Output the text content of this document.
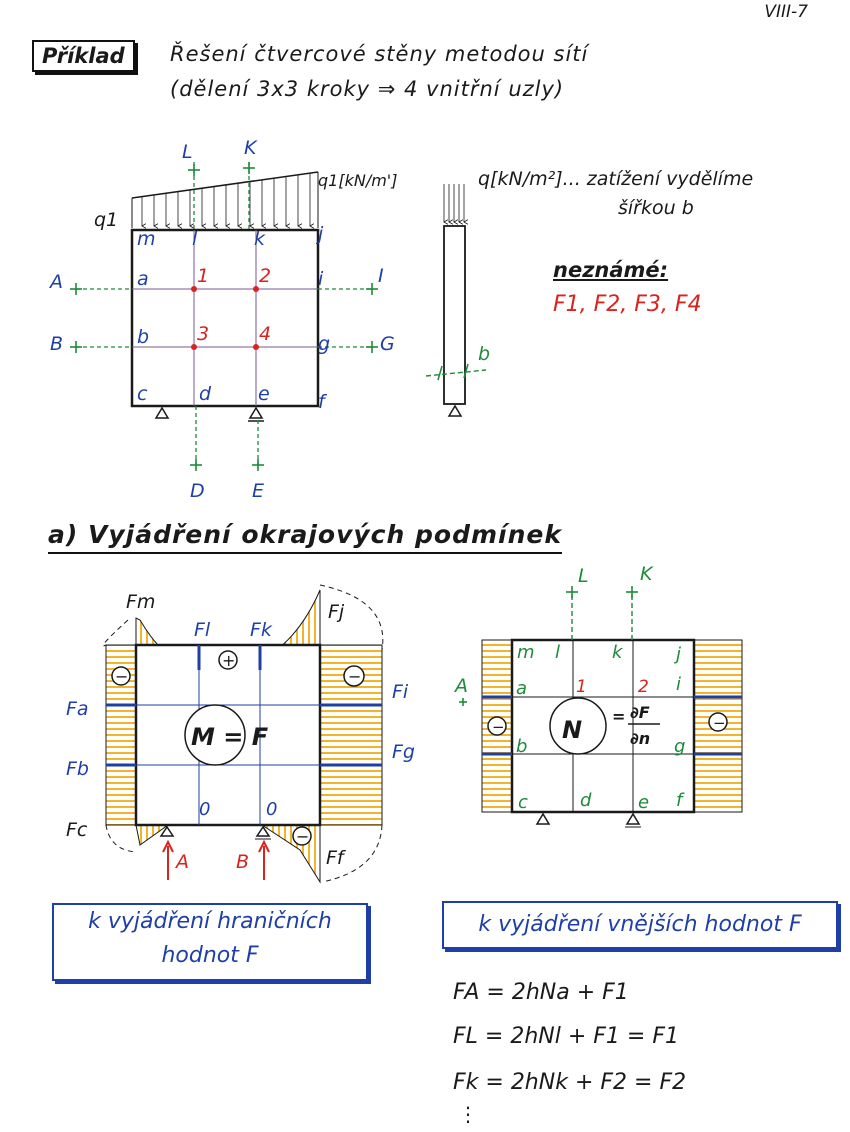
VIII-7
Příklad	Řešení čtvercové stěny metodou sítí
(dělení 3x3 kroky ⇒ 4 vnitřní uzly)
q1
q1[kN/m']
m l	k	j
a	i
b	g
c	d e	f
L	K
A	I
B	G
D E
1	2
3	4
b
M = F
Fm
Fl Fk
Fj
Fa
Fb
Fc
Fi
Fg
Ff
0	0
A B
−
+
−
−
N = ∂F
∂n
L	K
A
m l	k	j
a	i
b	g
c	d	e f
1	2
−	−
q[kN/m²]... zatížení vydělíme
šířkou b
neznámé:
F1, F2, F3, F4
a) Vyjádření okrajových podmínek
k vyjádření hraničních
hodnot F
k vyjádření vnějších hodnot F
FA = 2hNa + F1
FL = 2hNl + F1 = F1
Fk = 2hNk + F2 = F2
⋮
